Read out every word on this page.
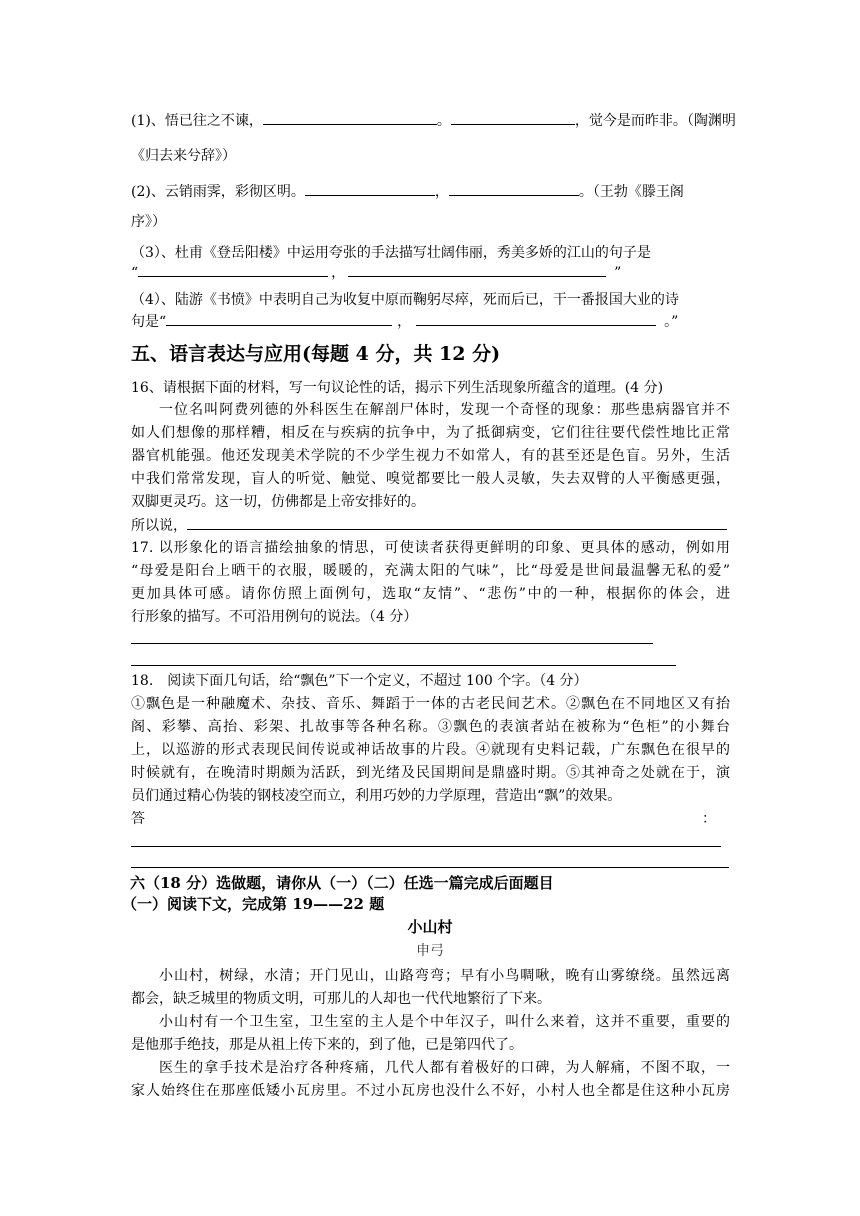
(1)、悟已往之不谏，	。	，觉今是而昨非。（陶渊明
《归去来兮辞》）
(2)、云销雨霁，彩彻区明。	，	。（王勃《滕王阁
序》）
（3）、杜甫《登岳阳楼》中运用夸张的手法描写壮阔伟丽，秀美多娇的江山的句子是
“	，	”
（4）、陆游《书愤》中表明自己为收复中原而鞠躬尽瘁，死而后已，干一番报国大业的诗
句是“	，	。”
五、语言表达与应用(每题 4 分，共 12 分)
16、请根据下面的材料，写一句议论性的话，揭示下列生活现象所蕴含的道理。(4 分)
一位名叫阿费列德的外科医生在解剖尸体时，发现一个奇怪的现象：那些患病器官并不
如人们想像的那样糟，相反在与疾病的抗争中，为了抵御病变，它们往往要代偿性地比正常
器官机能强。他还发现美术学院的不少学生视力不如常人，有的甚至还是色盲。另外，生活
中我们常常发现，盲人的听觉、触觉、嗅觉都要比一般人灵敏，失去双臂的人平衡感更强，
双脚更灵巧。这一切，仿佛都是上帝安排好的。
所以说，
17. 以形象化的语言描绘抽象的情思，可使读者获得更鲜明的印象、更具体的感动，例如用
“母爱是阳台上晒干的衣服，暖暖的，充满太阳的气味”，比“母爱是世间最温馨无私的爱”
更加具体可感。请你仿照上面例句，选取“友情”、“悲伤”中的一种，根据你的体会，进
行形象的描写。不可沿用例句的说法。（4 分）
18.　阅读下面几句话，给“飘色”下一个定义，不超过 100 个字。（4 分）
①飘色是一种融魔术、杂技、音乐、舞蹈于一体的古老民间艺术。②飘色在不同地区又有抬
阁、彩攀、高抬、彩架、扎故事等各种名称。③飘色的表演者站在被称为“色柜”的小舞台
上，以巡游的形式表现民间传说或神话故事的片段。④就现有史料记载，广东飘色在很早的
时候就有，在晚清时期颇为活跃，到光绪及民国期间是鼎盛时期。⑤其神奇之处就在于，演
员们通过精心伪装的钢枝凌空而立，利用巧妙的力学原理，营造出“飘”的效果。
答	：
六（18 分）选做题，请你从（一）（二）任选一篇完成后面题目
（一）阅读下文，完成第 19——22 题
小山村
申弓
小山村，树绿，水清；开门见山，山路弯弯；早有小鸟啁啾，晚有山雾缭绕。虽然远离
都会，缺乏城里的物质文明，可那儿的人却也一代代地繁衍了下来。
小山村有一个卫生室，卫生室的主人是个中年汉子，叫什么来着，这并不重要，重要的
是他那手绝技，那是从祖上传下来的，到了他，已是第四代了。
医生的拿手技术是治疗各种疼痛，几代人都有着极好的口碑，为人解痛，不图不取，一
家人始终住在那座低矮小瓦房里。不过小瓦房也没什么不好，小村人也全都是住这种小瓦房
